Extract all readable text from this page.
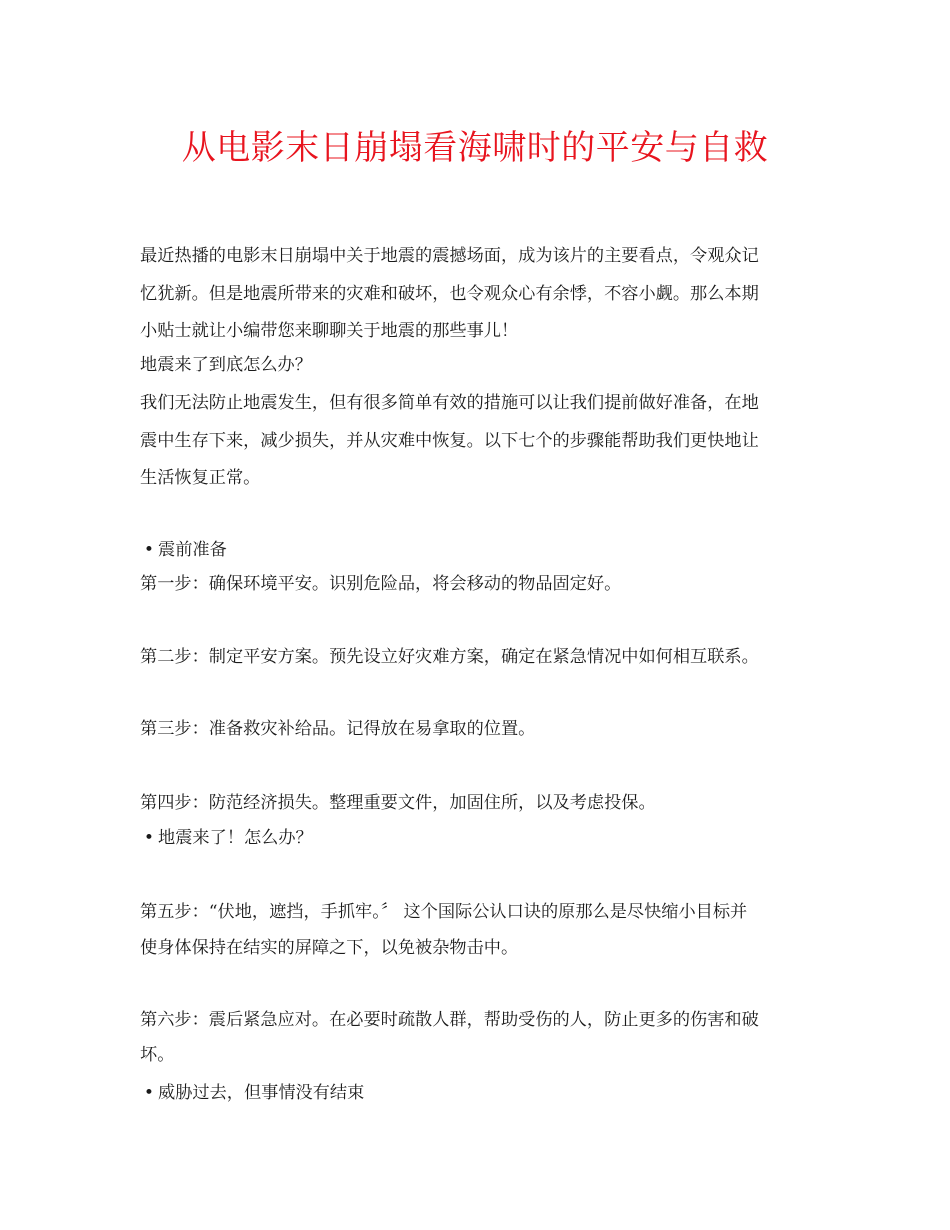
从电影末日崩塌看海啸时的平安与自救

最近热播的电影末日崩塌中关于地震的震撼场面，成为该片的主要看点，令观众记

忆犹新。但是地震所带来的灾难和破坏，也令观众心有余悸，不容小觑。那么本期

小贴士就让小编带您来聊聊关于地震的那些事儿！

地震来了到底怎么办？

我们无法防止地震发生，但有很多简单有效的措施可以让我们提前做好准备，在地

震中生存下来，减少损失，并从灾难中恢复。以下七个的步骤能帮助我们更快地让

生活恢复正常。

• 震前准备

第一步：确保环境平安。识别危险品，将会移动的物品固定好。

第二步：制定平安方案。预先设立好灾难方案，确定在紧急情况中如何相互联系。

第三步：准备救灾补给品。记得放在易拿取的位置。

第四步：防范经济损失。整理重要文件，加固住所，以及考虑投保。

• 地震来了！怎么办？

第五步：“伏地，遮挡，手抓牢。〞 这个国际公认口诀的原那么是尽快缩小目标并

使身体保持在结实的屏障之下，以免被杂物击中。

第六步：震后紧急应对。在必要时疏散人群，帮助受伤的人，防止更多的伤害和破

坏。

• 威胁过去，但事情没有结束
